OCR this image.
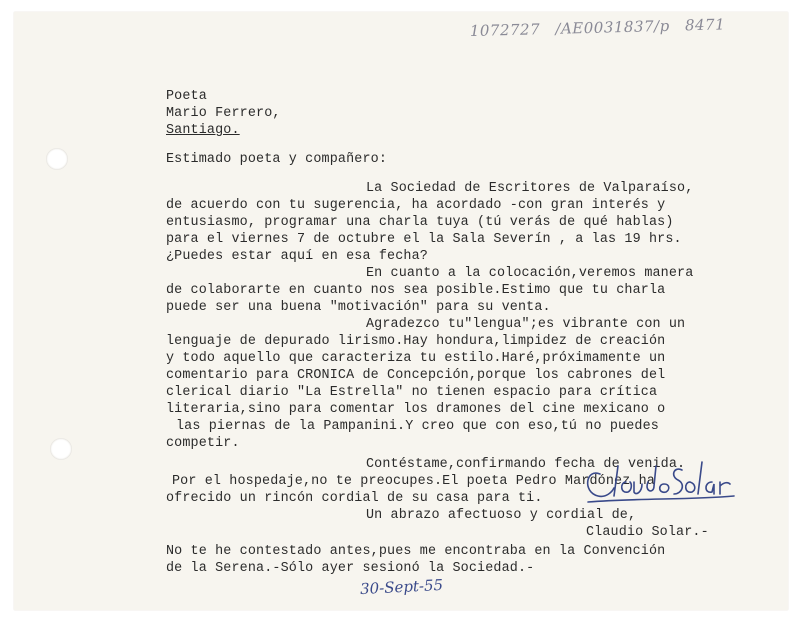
1072727 /AE0031837/p 8471
Poeta
Mario Ferrero,
Santiago.
Estimado poeta y compañero:
La Sociedad de Escritores de Valparaíso,
de acuerdo con tu sugerencia, ha acordado -con gran interés y
entusiasmo, programar una charla tuya (tú verás de qué hablas)
para el viernes 7 de octubre el la Sala Severín , a las 19 hrs.
¿Puedes estar aquí en esa fecha?
En cuanto a la colocación,veremos manera
de colaborarte en cuanto nos sea posible.Estimo que tu charla
puede ser una buena "motivación" para su venta.
Agradezco tu"lengua";es vibrante con un
lenguaje de depurado lirismo.Hay hondura,limpidez de creación
y todo aquello que caracteriza tu estilo.Haré,próximamente un
comentario para CRONICA de Concepción,porque los cabrones del
clerical diario "La Estrella" no tienen espacio para crítica
literaria,sino para comentar los dramones del cine mexicano o
las piernas de la Pampanini.Y creo que con eso,tú no puedes
competir.
Contéstame,confirmando fecha de venida.
Por el hospedaje,no te preocupes.El poeta Pedro Mardónez ha
ofrecido un rincón cordial de su casa para ti.
Un abrazo afectuoso y cordial de,
Claudio Solar.-
No te he contestado antes,pues me encontraba en la Convención
de la Serena.-Sólo ayer sesionó la Sociedad.-
30-Sept-55
